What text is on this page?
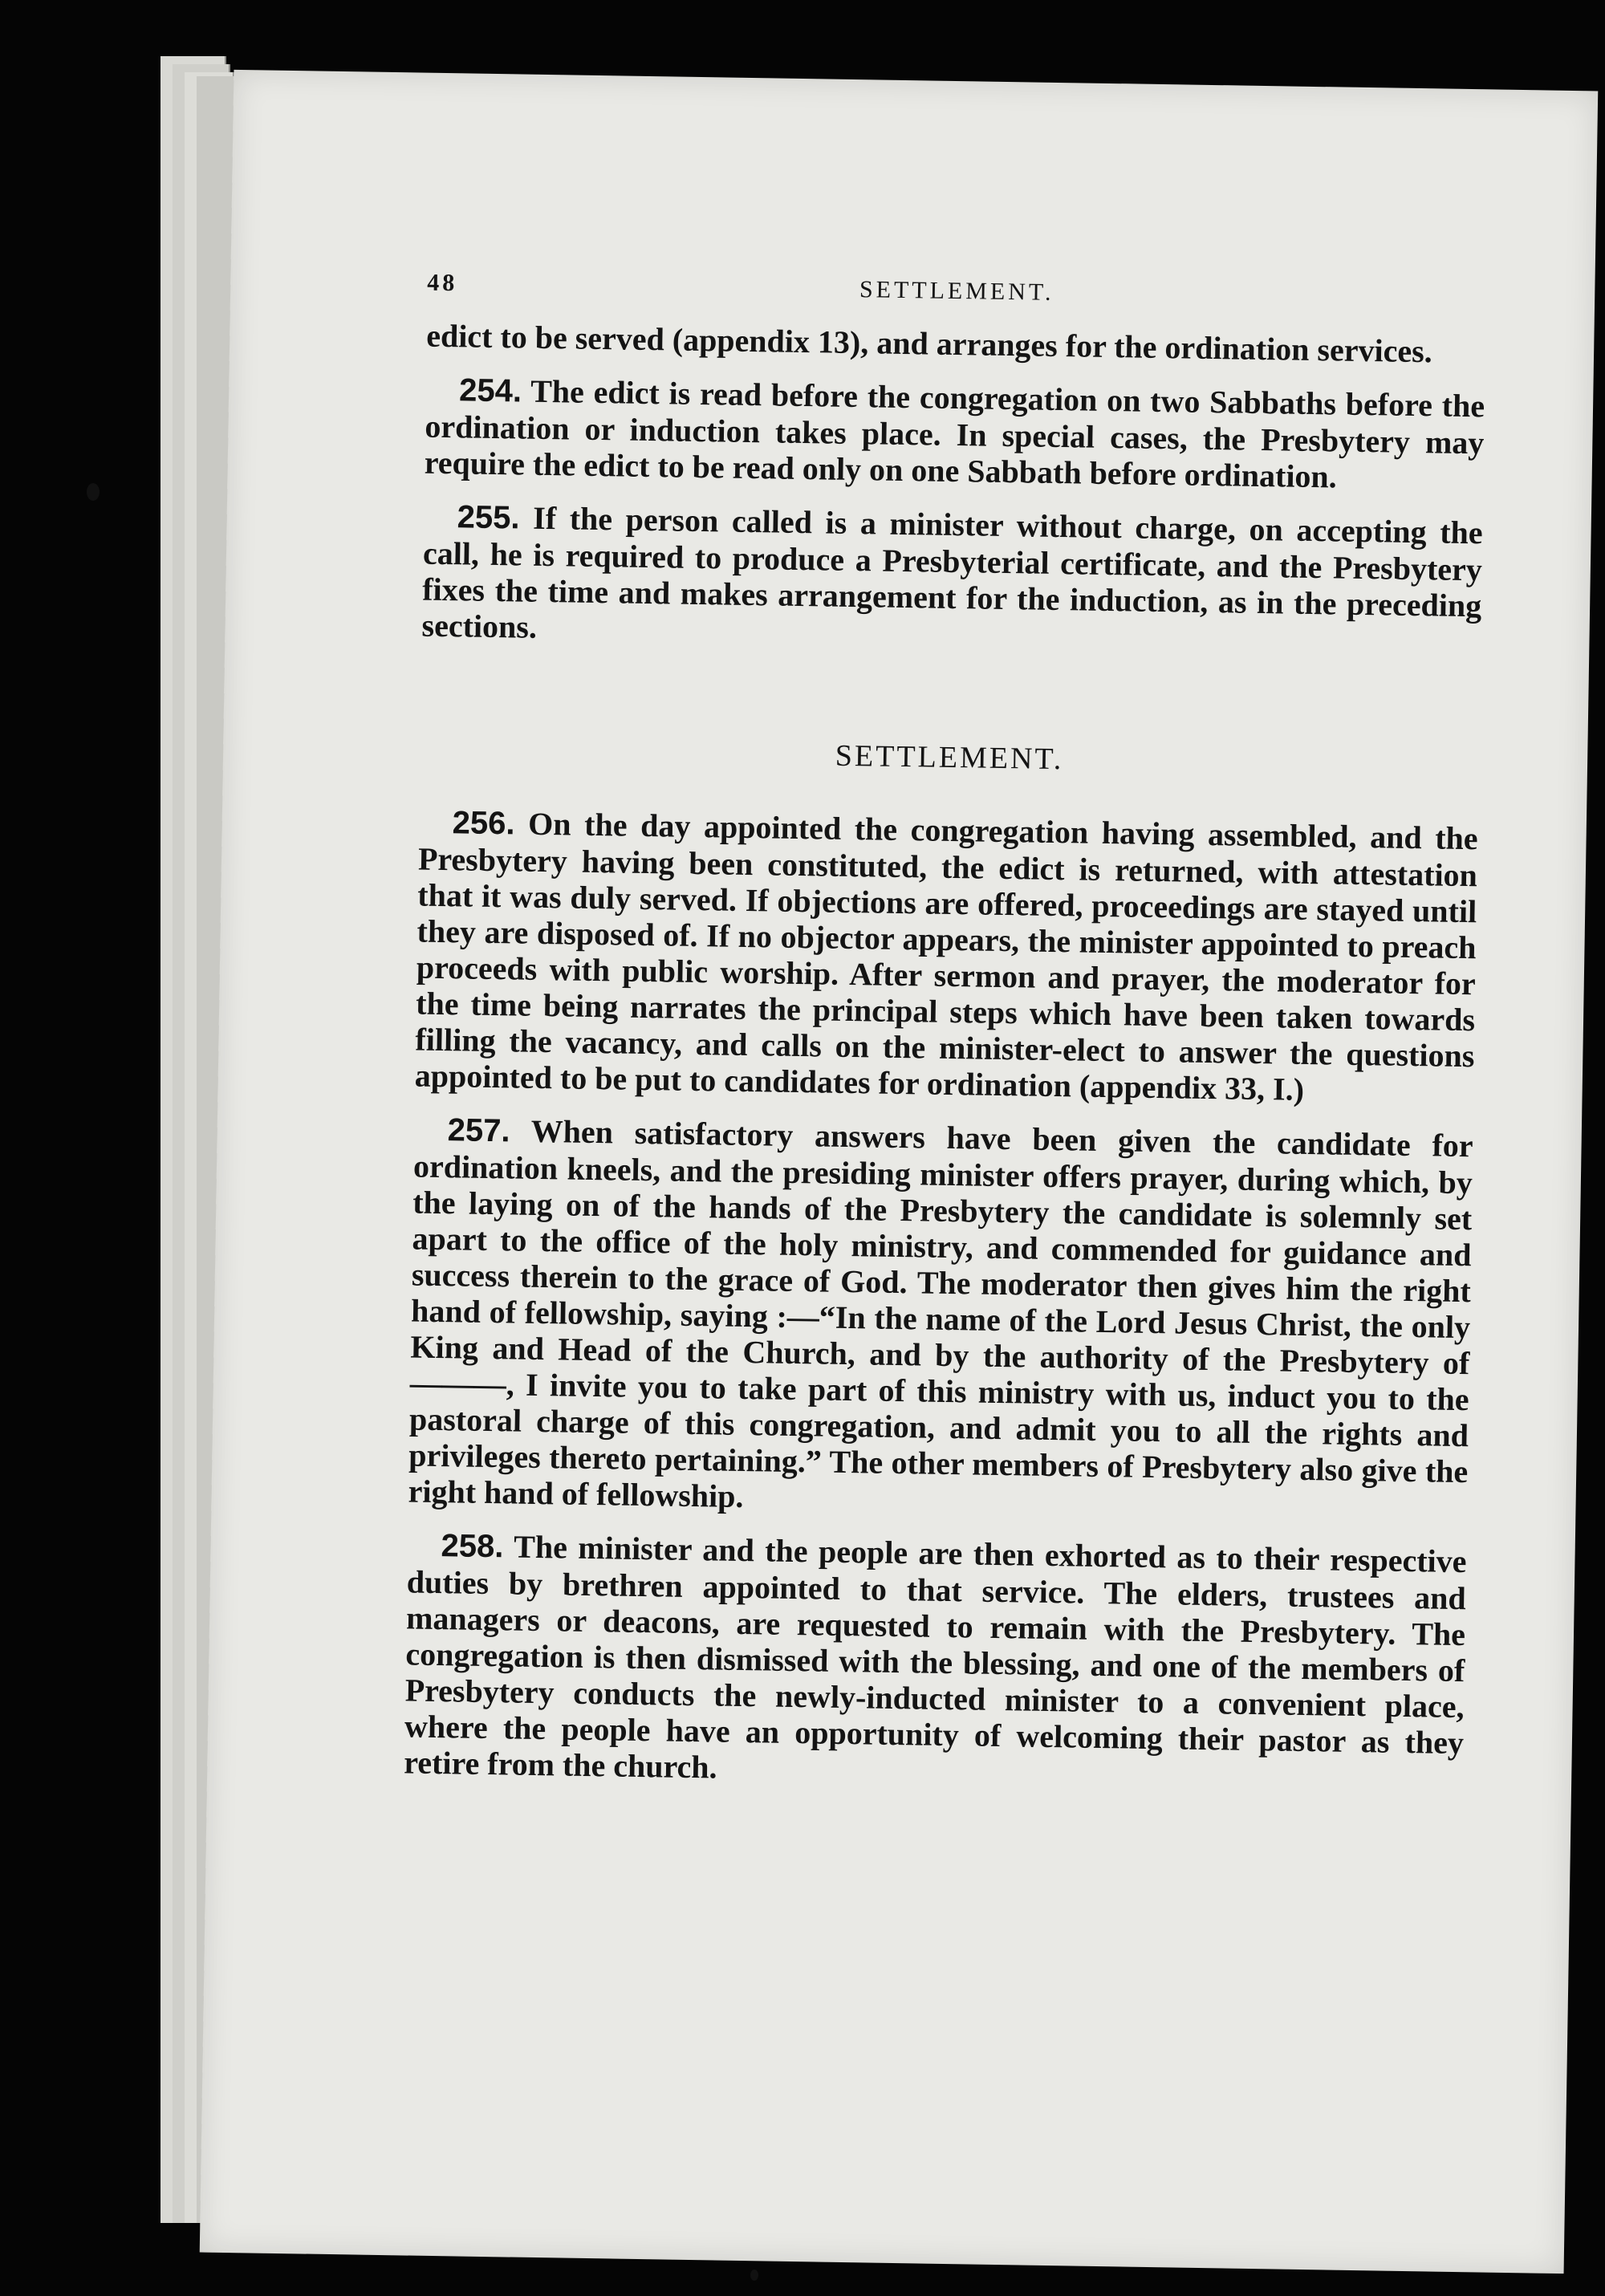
48	SETTLEMENT.

edict to be served (appendix 13), and arranges for the ordination services.

254. The edict is read before the congregation on two Sabbaths before the ordination or induction takes place. In special cases, the Presbytery may require the edict to be read only on one Sabbath before ordination.

255. If the person called is a minister without charge, on accepting the call, he is required to produce a Presbyterial certificate, and the Presbytery fixes the time and makes arrangement for the induction, as in the preceding sections.

SETTLEMENT.

256. On the day appointed the congregation having assembled, and the Presbytery having been constituted, the edict is returned, with attestation that it was duly served. If objections are offered, proceedings are stayed until they are disposed of. If no objector appears, the minister appointed to preach proceeds with public worship. After sermon and prayer, the moderator for the time being narrates the principal steps which have been taken towards filling the vacancy, and calls on the minister-elect to answer the questions appointed to be put to candidates for ordination (appendix 33, I.)

257. When satisfactory answers have been given the candidate for ordination kneels, and the presiding minister offers prayer, during which, by the laying on of the hands of the Presbytery the candidate is solemnly set apart to the office of the holy ministry, and commended for guidance and success therein to the grace of God. The moderator then gives him the right hand of fellowship, saying :—“In the name of the Lord Jesus Christ, the only King and Head of the Church, and by the authority of the Presbytery of———, I invite you to take part of this ministry with us, induct you to the pastoral charge of this congregation, and admit you to all the rights and privileges thereto pertaining.” The other members of Presbytery also give the right hand of fellowship.

258. The minister and the people are then exhorted as to their respective duties by brethren appointed to that service. The elders, trustees and managers or deacons, are requested to remain with the Presbytery. The congregation is then dismissed with the blessing, and one of the members of Presbytery conducts the newly-inducted minister to a convenient place, where the people have an opportunity of welcoming their pastor as they retire from the church.
